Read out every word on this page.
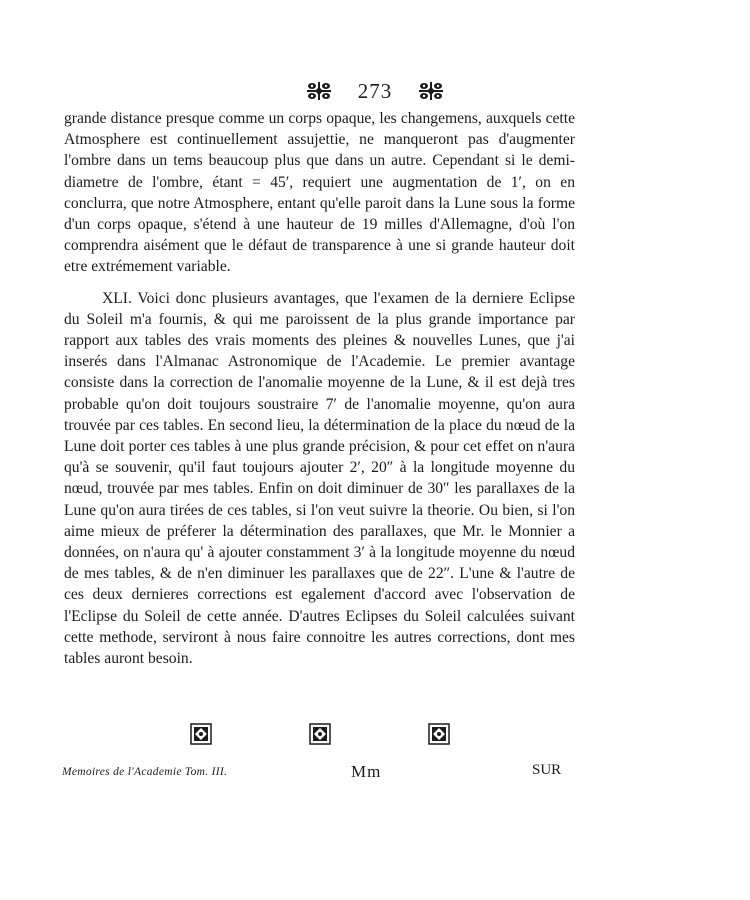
273

grande distance presque comme un corps opaque, les changemens, auxquels cette Atmosphere est continuellement assujettie, ne manqueront pas d'augmenter l'ombre dans un tems beaucoup plus que dans un autre. Cependant si le demi-diametre de l'ombre, étant = 45′, requiert une augmentation de 1′, on en conclurra, que notre Atmosphere, entant qu'elle paroit dans la Lune sous la forme d'un corps opaque, s'étend à une hauteur de 19 milles d'Allemagne, d'où l'on comprendra aisément que le défaut de transparence à une si grande hauteur doit etre extrémement variable.

XLI. Voici donc plusieurs avantages, que l'examen de la derniere Eclipse du Soleil m'a fournis, & qui me paroissent de la plus grande importance par rapport aux tables des vrais moments des pleines & nouvelles Lunes, que j'ai inserés dans l'Almanac Astronomique de l'Academie. Le premier avantage consiste dans la correction de l'anomalie moyenne de la Lune, & il est dejà tres probable qu'on doit toujours soustraire 7′ de l'anomalie moyenne, qu'on aura trouvée par ces tables. En second lieu, la détermination de la place du nœud de la Lune doit porter ces tables à une plus grande précision, & pour cet effet on n'aura qu'à se souvenir, qu'il faut toujours ajouter 2′, 20″ à la longitude moyenne du nœud, trouvée par mes tables. Enfin on doit diminuer de 30″ les parallaxes de la Lune qu'on aura tirées de ces tables, si l'on veut suivre la theorie. Ou bien, si l'on aime mieux de préferer la détermination des parallaxes, que Mr. le Monnier a données, on n'aura qu' à ajouter constamment 3′ à la longitude moyenne du nœud de mes tables, & de n'en diminuer les parallaxes que de 22″. L'une & l'autre de ces deux dernieres corrections est egalement d'accord avec l'observation de l'Eclipse du Soleil de cette année. D'autres Eclipses du Soleil calculées suivant cette methode, serviront à nous faire connoitre les autres corrections, dont mes tables auront besoin.

Memoires de l'Academie Tom. III.	Mm	SUR
